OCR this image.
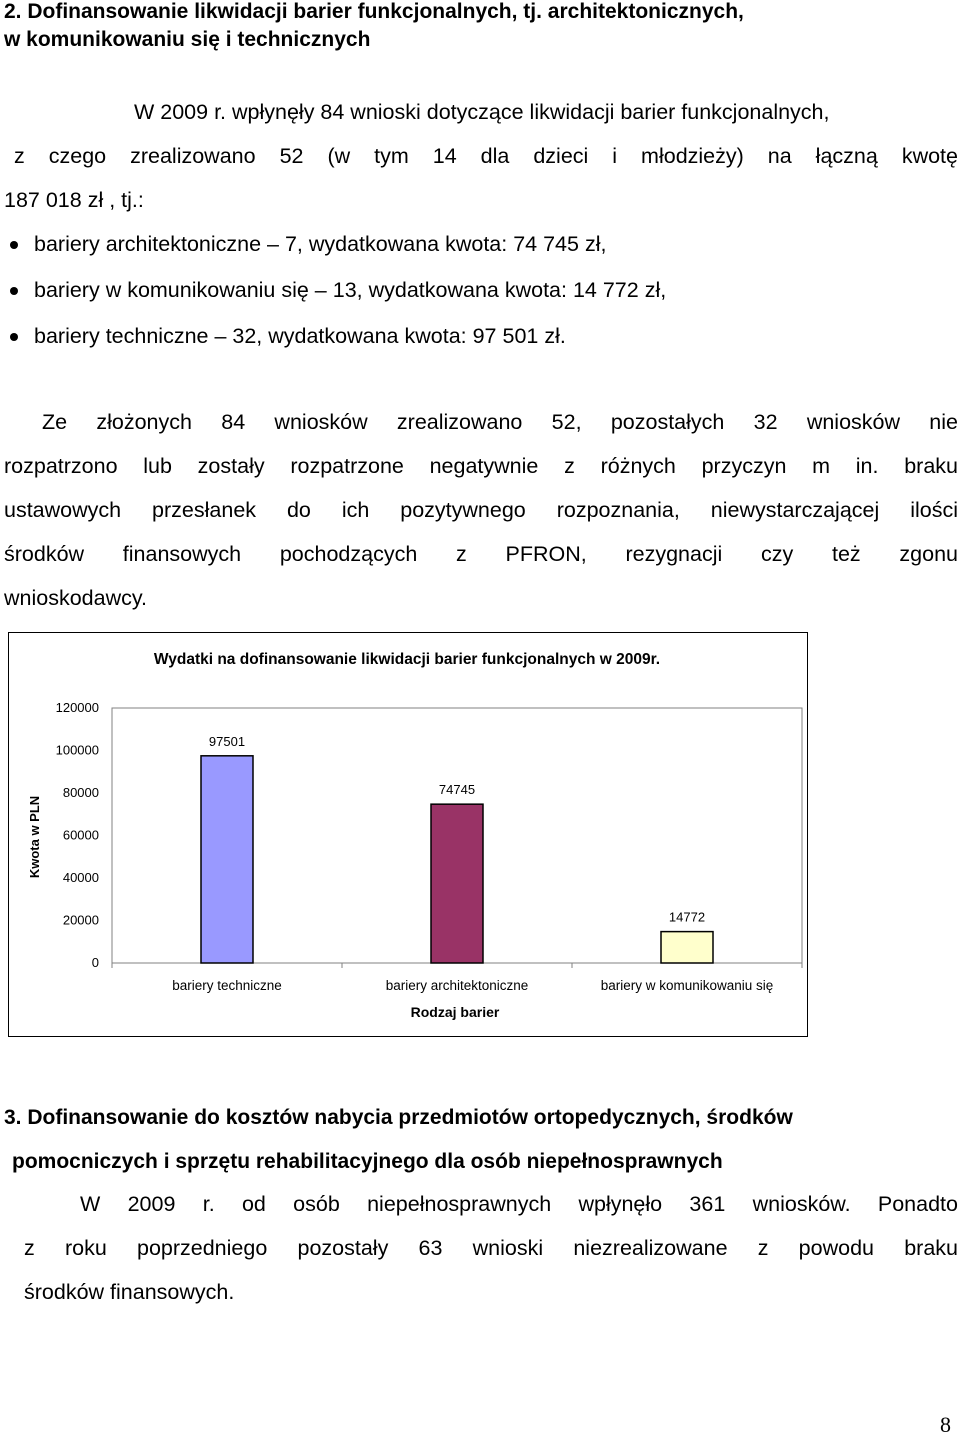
2. Dofinansowanie likwidacji barier funkcjonalnych, tj. architektonicznych,
w komunikowaniu się i technicznych
W 2009 r. wpłynęły 84 wnioski dotyczące likwidacji barier funkcjonalnych,
z czego zrealizowano 52 (w tym 14 dla dzieci i młodzieży) na łączną kwotę
187 018 zł , tj.:
bariery architektoniczne – 7, wydatkowana kwota: 74 745 zł,
bariery w komunikowaniu się – 13, wydatkowana kwota: 14 772 zł,
bariery techniczne – 32, wydatkowana kwota: 97 501 zł.
Ze złożonych 84 wniosków zrealizowano 52, pozostałych 32 wniosków nie
rozpatrzono lub zostały rozpatrzone negatywnie z różnych przyczyn m in. braku
ustawowych przesłanek do ich pozytywnego rozpoznania, niewystarczającej ilości
środków finansowych pochodzących z PFRON, rezygnacji czy też zgonu
wnioskodawcy.
Wydatki na dofinansowanie likwidacji barier funkcjonalnych w 2009r.
Kwota w PLN
Rodzaj barier
0
20000
40000
60000
80000
100000
120000
97501
bariery techniczne
74745
bariery architektoniczne
14772
bariery w komunikowaniu się
3. Dofinansowanie do kosztów nabycia przedmiotów ortopedycznych, środków
pomocniczych i sprzętu rehabilitacyjnego dla osób niepełnosprawnych
W 2009 r. od osób niepełnosprawnych wpłynęło 361 wniosków. Ponadto
z roku poprzedniego pozostały 63 wnioski niezrealizowane z powodu braku
środków finansowych.
8
